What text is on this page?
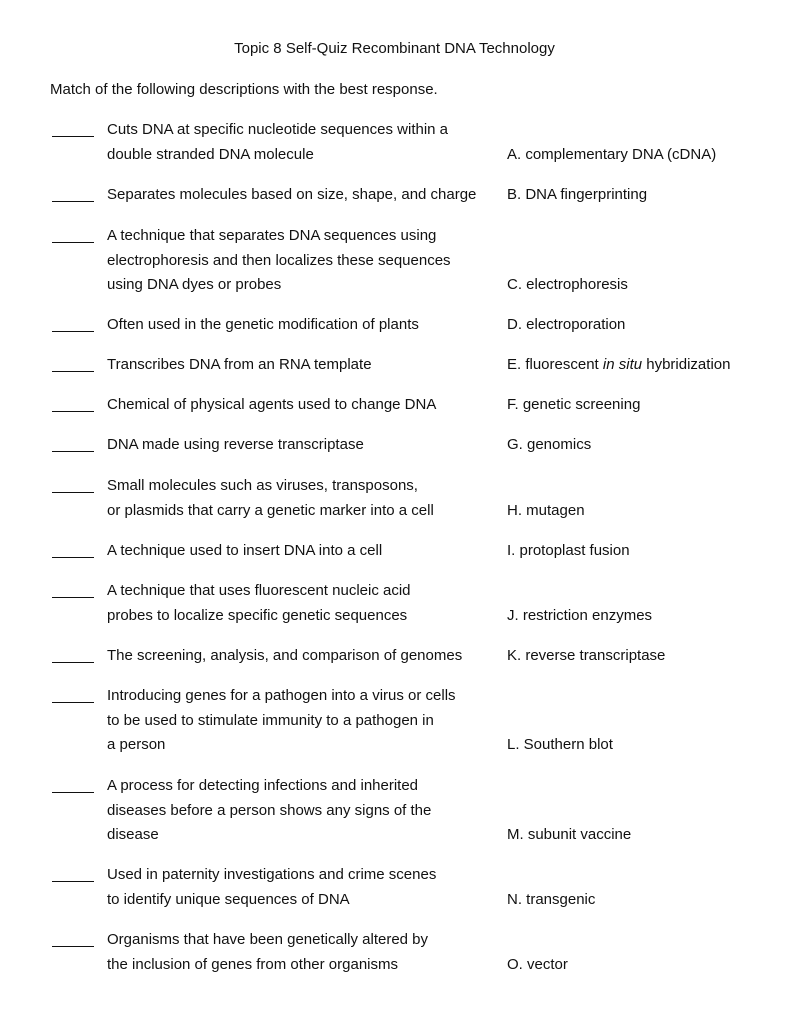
Topic 8 Self-Quiz Recombinant DNA Technology
Match of the following descriptions with the best response.
Cuts DNA at specific nucleotide sequences within a
double stranded DNA molecule	A. complementary DNA (cDNA)
Separates molecules based on size, shape, and charge	B. DNA fingerprinting
A technique that separates DNA sequences using
electrophoresis and then localizes these sequences
using DNA dyes or probes	C. electrophoresis
Often used in the genetic modification of plants	D. electroporation
Transcribes DNA from an RNA template	E. fluorescent in situ hybridization
Chemical of physical agents used to change DNA	F. genetic screening
DNA made using reverse transcriptase	G. genomics
Small molecules such as viruses, transposons,
or plasmids that carry a genetic marker into a cell	H. mutagen
A technique used to insert DNA into a cell	I. protoplast fusion
A technique that uses fluorescent nucleic acid
probes to localize specific genetic sequences	J. restriction enzymes
The screening, analysis, and comparison of genomes	K. reverse transcriptase
Introducing genes for a pathogen into a virus or cells
to be used to stimulate immunity to a pathogen in
a person	L. Southern blot
A process for detecting infections and inherited
diseases before a person shows any signs of the
disease	M. subunit vaccine
Used in paternity investigations and crime scenes
to identify unique sequences of DNA	N. transgenic
Organisms that have been genetically altered by
the inclusion of genes from other organisms	O. vector
